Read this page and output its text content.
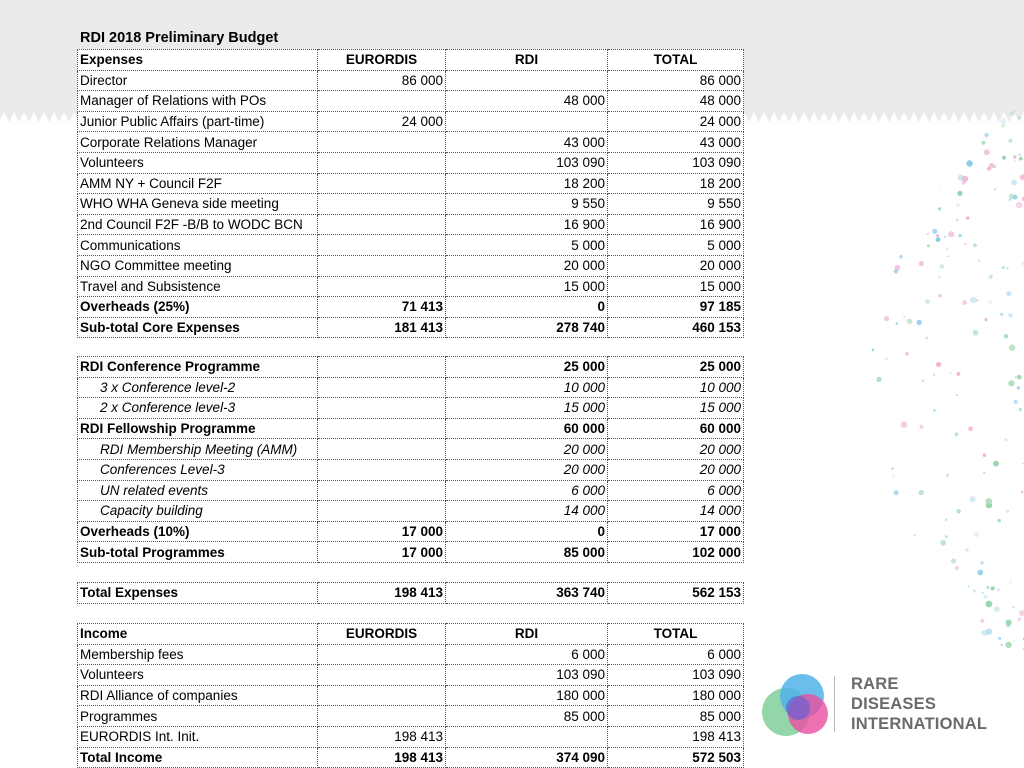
RDI 2018 Preliminary Budget
Expenses	EURORDIS	RDI	TOTAL
Director	86 000		86 000
Manager of Relations with POs		48 000	48 000
Junior Public Affairs (part-time)	24 000		24 000
Corporate Relations Manager		43 000	43 000
Volunteers		103 090	103 090
AMM NY + Council F2F		18 200	18 200
WHO WHA Geneva side meeting		9 550	9 550
2nd Council F2F -B/B to WODC BCN		16 900	16 900
Communications		5 000	5 000
NGO Committee meeting		20 000	20 000
Travel and Subsistence		15 000	15 000
Overheads (25%)	71 413	0	97 185
Sub-total Core Expenses	181 413	278 740	460 153
RDI Conference Programme		25 000	25 000
3 x Conference level-2		10 000	10 000
2 x Conference level-3		15 000	15 000
RDI Fellowship Programme		60 000	60 000
RDI Membership Meeting (AMM)		20 000	20 000
Conferences Level-3		20 000	20 000
UN related events		6 000	6 000
Capacity building		14 000	14 000
Overheads (10%)	17 000	0	17 000
Sub-total Programmes	17 000	85 000	102 000
Total Expenses	198 413	363 740	562 153
Income	EURORDIS	RDI	TOTAL
Membership fees		6 000	6 000
Volunteers		103 090	103 090
RDI Alliance of companies		180 000	180 000
Programmes		85 000	85 000
EURORDIS Int. Init.	198 413		198 413
Total Income	198 413	374 090	572 503
RARE
DISEASES
INTERNATIONAL
